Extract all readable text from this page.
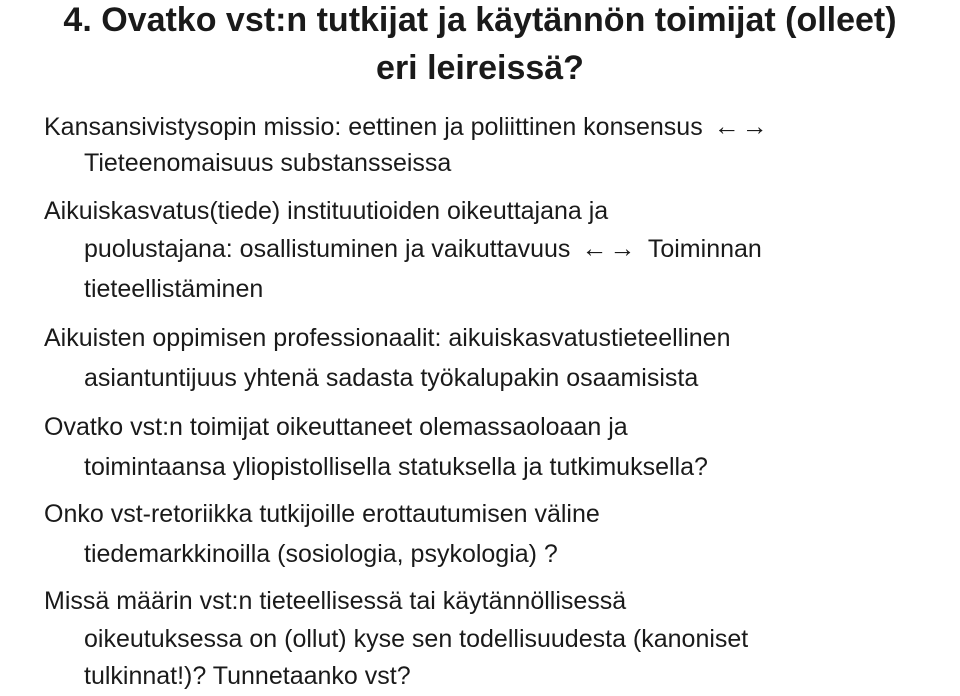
4. Ovatko vst:n tutkijat ja käytännön toimijat (olleet)
eri leireissä?
Kansansivistysopin missio: eettinen ja poliittinen konsensus ←→
Tieteenomaisuus substansseissa
Aikuiskasvatus(tiede) instituutioiden oikeuttajana ja
puolustajana: osallistuminen ja vaikuttavuus ←→ Toiminnan
tieteellistäminen
Aikuisten oppimisen professionaalit: aikuiskasvatustieteellinen
asiantuntijuus yhtenä sadasta työkalupakin osaamisista
Ovatko vst:n toimijat oikeuttaneet olemassaoloaan ja
toimintaansa yliopistollisella statuksella ja tutkimuksella?
Onko vst-retoriikka tutkijoille erottautumisen väline
tiedemarkkinoilla (sosiologia, psykologia) ?
Missä määrin vst:n tieteellisessä tai käytännöllisessä
oikeutuksessa on (ollut) kyse sen todellisuudesta (kanoniset
tulkinnat!)? Tunnetaanko vst?
